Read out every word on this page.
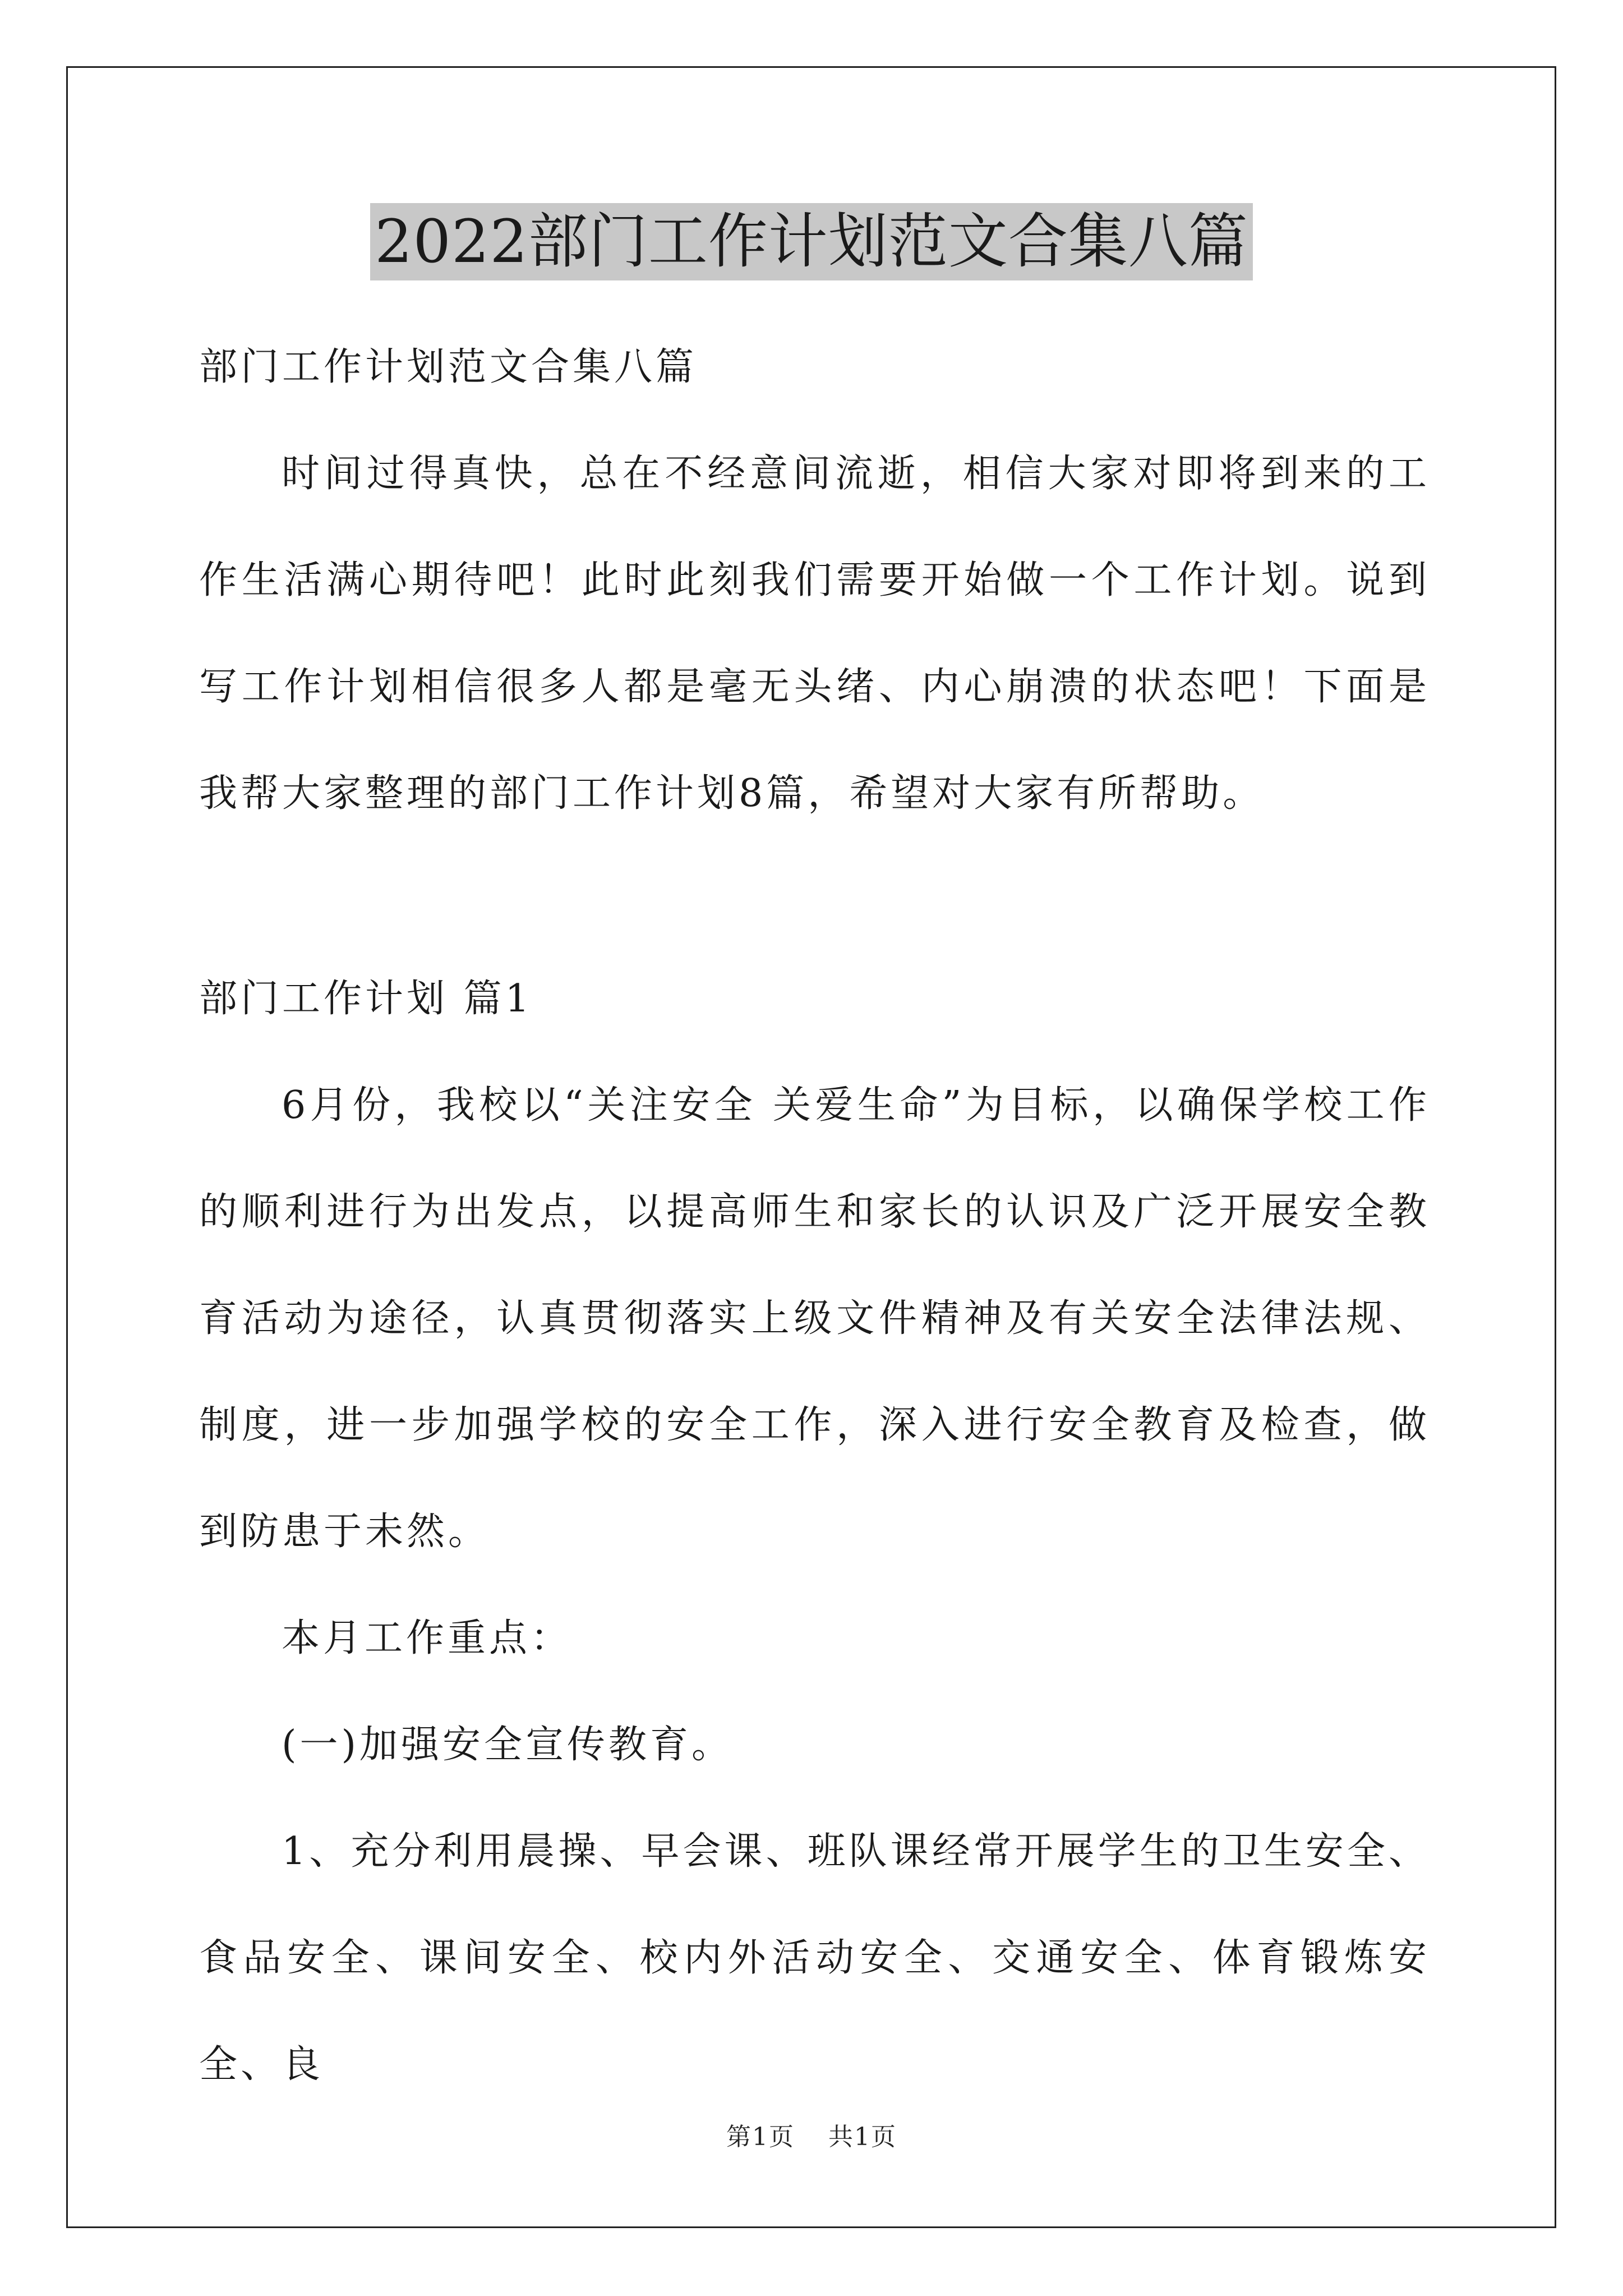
2022部门工作计划范文合集八篇

部门工作计划范文合集八篇

时间过得真快，总在不经意间流逝，相信大家对即将到来的工作生活满心期待吧！此时此刻我们需要开始做一个工作计划。说到写工作计划相信很多人都是毫无头绪、内心崩溃的状态吧！下面是我帮大家整理的部门工作计划8篇，希望对大家有所帮助。

部门工作计划 篇1

6月份，我校以“关注安全 关爱生命”为目标，以确保学校工作的顺利进行为出发点，以提高师生和家长的认识及广泛开展安全教育活动为途径，认真贯彻落实上级文件精神及有关安全法律法规、制度，进一步加强学校的安全工作，深入进行安全教育及检查，做到防患于未然。

本月工作重点：

(一)加强安全宣传教育。

1、充分利用晨操、早会课、班队课经常开展学生的卫生安全、食品安全、课间安全、校内外活动安全、交通安全、体育锻炼安全、良

第1页 共1页
